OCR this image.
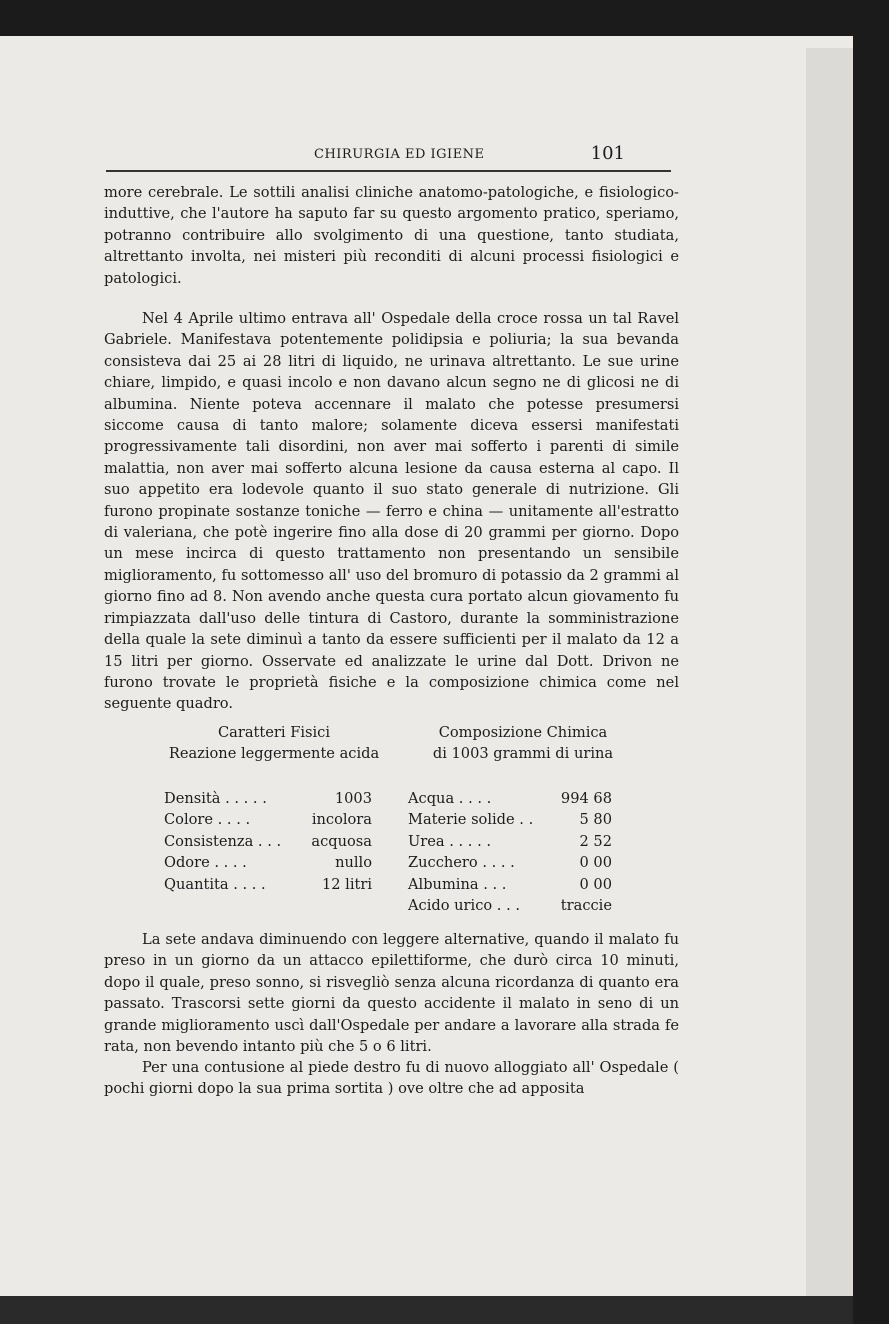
CHIRURGIA ED IGIENE	101

more cerebrale. Le sottili analisi cliniche anatomo-patologiche, e fisiologico-induttive, che l'autore ha saputo far su questo argomento pratico, speriamo, potranno contribuire allo svolgimento di una questione, tanto studiata, altrettanto involta, nei misteri più reconditi di alcuni processi fisiologici e patologici.

Nel 4 Aprile ultimo entrava all' Ospedale della croce rossa un tal Ravel Gabriele. Manifestava potentemente polidipsia e poliuria; la sua bevanda consisteva dai 25 ai 28 litri di liquido, ne urinava altrettanto. Le sue urine chiare, limpido, e quasi incolo e non davano alcun segno ne di glicosi ne di albumina. Niente poteva accennare il malato che potesse presumersi siccome causa di tanto malore; solamente diceva essersi manifestati progressivamente tali disordini, non aver mai sofferto i parenti di simile malattia, non aver mai sofferto alcuna lesione da causa esterna al capo. Il suo appetito era lodevole quanto il suo stato generale di nutrizione. Gli furono propinate sostanze toniche — ferro e china — unitamente all'estratto di valeriana, che potè ingerire fino alla dose di 20 grammi per giorno. Dopo un mese incirca di questo trattamento non presentando un sensibile miglioramento, fu sottomesso all' uso del bromuro di potassio da 2 grammi al giorno fino ad 8. Non avendo anche questa cura portato alcun giovamento fu rimpiazzata dall'uso delle tintura di Castoro, durante la somministrazione della quale la sete diminuì a tanto da essere sufficienti per il malato da 12 a 15 litri per giorno. Osservate ed analizzate le urine dal Dott. Drivon ne furono trovate le proprietà fisiche e la composizione chimica come nel seguente quadro.

Caratteri Fisici
Reazione leggermente acida
Composizione Chimica
di 1003 grammi di urina
Densità . . . . .	1003 Acqua . . . .	994 68
Colore . . . .	incolora Materie solide . .	5 80
Consistenza . . . acquosa Urea . . . . .	2 52
Odore . . . .	nullo Zucchero . . . .	0 00
Quantita . . . .	12 litri Albumina . . .	0 00
Acido urico . . .	traccie

La sete andava diminuendo con leggere alternative, quando il malato fu preso in un giorno da un attacco epilettiforme, che durò circa 10 minuti, dopo il quale, preso sonno, si risvegliò senza alcuna ricordanza di quanto era passato. Trascorsi sette giorni da questo accidente il malato in seno di un grande miglioramento uscì dall'Ospedale per andare a lavorare alla strada fe rata, non bevendo intanto più che 5 o 6 litri.

Per una contusione al piede destro fu di nuovo alloggiato all' Ospedale ( pochi giorni dopo la sua prima sortita ) ove oltre che ad apposita
